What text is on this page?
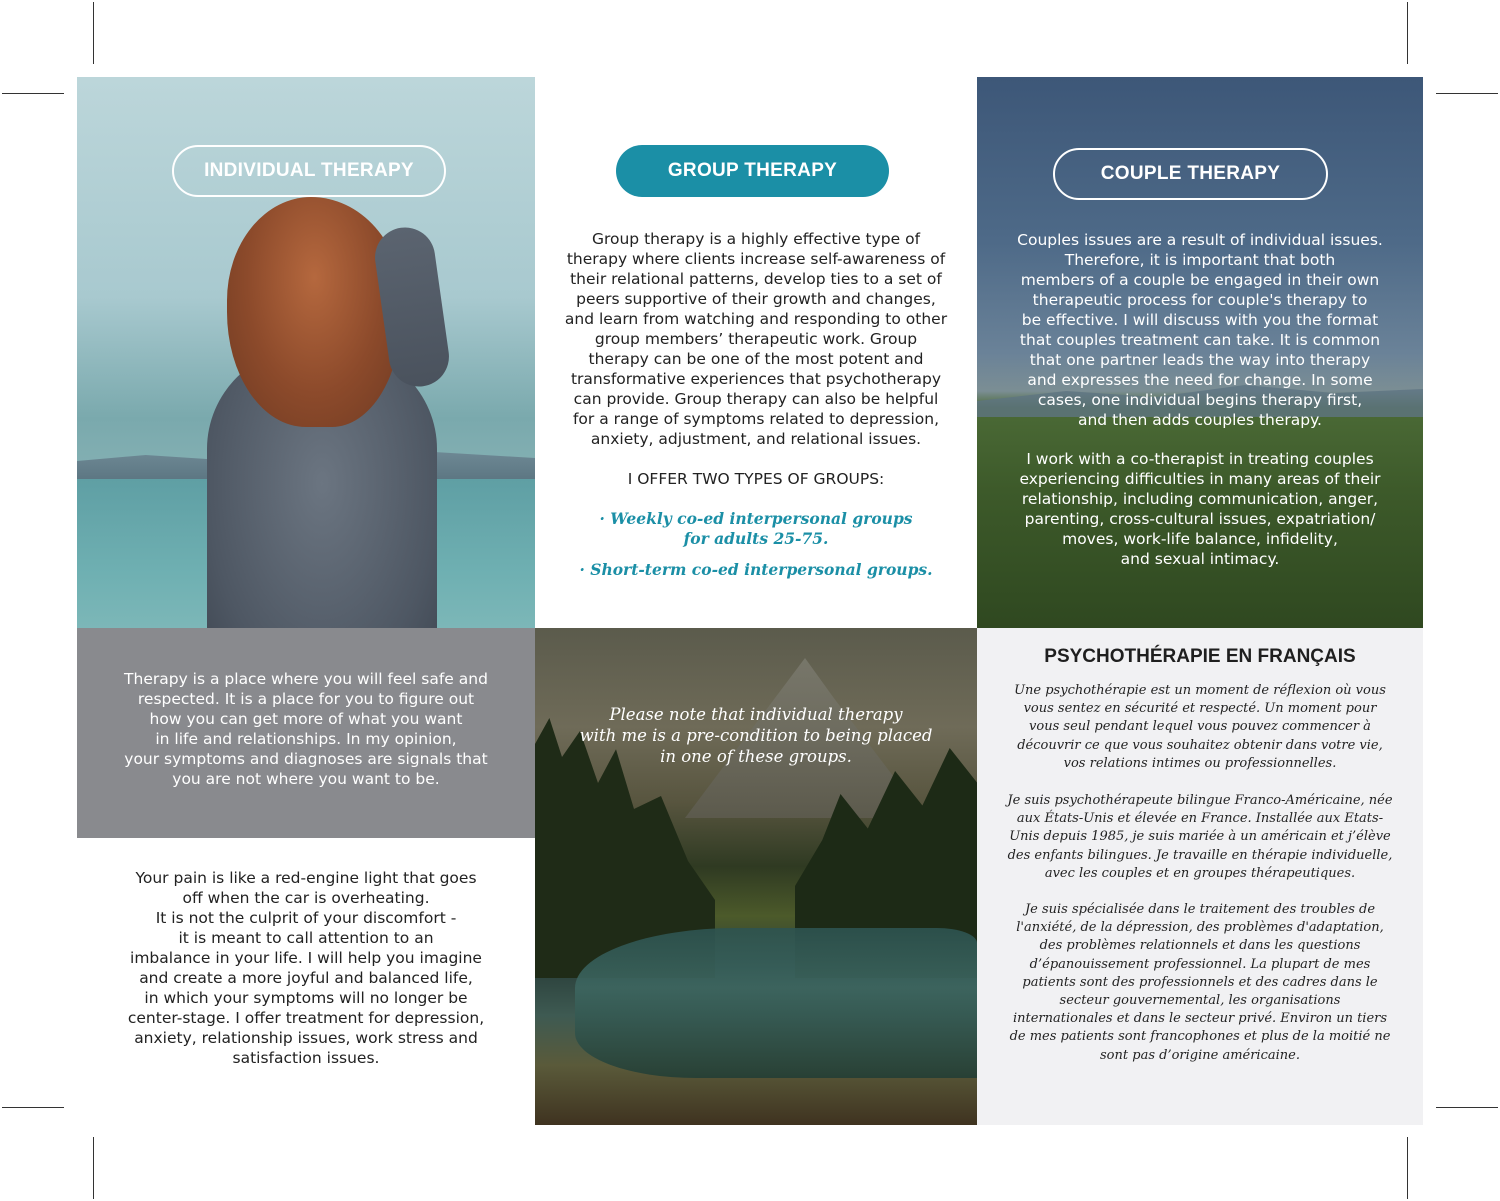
INDIVIDUAL THERAPY	GROUP THERAPY	COUPLE THERAPY
Group therapy is a highly effective type of
therapy where clients increase self-awareness of
their relational patterns, develop ties to a set of
peers supportive of their growth and changes,
and learn from watching and responding to other
group members’ therapeutic work. Group
therapy can be one of the most potent and
transformative experiences that psychotherapy
can provide. Group therapy can also be helpful
for a range of symptoms related to depression,
anxiety, adjustment, and relational issues.
I OFFER TWO TYPES OF GROUPS:
· Weekly co-ed interpersonal groups
for adults 25-75.
· Short-term co-ed interpersonal groups.
Couples issues are a result of individual issues.
Therefore, it is important that both
members of a couple be engaged in their own
therapeutic process for couple's therapy to
be effective. I will discuss with you the format
that couples treatment can take. It is common
that one partner leads the way into therapy
and expresses the need for change. In some
cases, one individual begins therapy first,
and then adds couples therapy.
I work with a co-therapist in treating couples
experiencing difficulties in many areas of their
relationship, including communication, anger,
parenting, cross-cultural issues, expatriation/
moves, work-life balance, infidelity,
and sexual intimacy.
Therapy is a place where you will feel safe and
respected. It is a place for you to figure out
how you can get more of what you want
in life and relationships. In my opinion,
your symptoms and diagnoses are signals that
you are not where you want to be.
Your pain is like a red-engine light that goes
off when the car is overheating.
It is not the culprit of your discomfort -
it is meant to call attention to an
imbalance in your life. I will help you imagine
and create a more joyful and balanced life,
in which your symptoms will no longer be
center-stage. I offer treatment for depression,
anxiety, relationship issues, work stress and
satisfaction issues.
Please note that individual therapy
with me is a pre-condition to being placed
in one of these groups.
PSYCHOTHÉRAPIE EN FRANÇAIS
Une psychothérapie est un moment de réflexion où vous
vous sentez en sécurité et respecté. Un moment pour
vous seul pendant lequel vous pouvez commencer à
découvrir ce que vous souhaitez obtenir dans votre vie,
vos relations intimes ou professionnelles.
Je suis psychothérapeute bilingue Franco-Américaine, née
aux États-Unis et élevée en France. Installée aux Etats-
Unis depuis 1985, je suis mariée à un américain et j’élève
des enfants bilingues. Je travaille en thérapie individuelle,
avec les couples et en groupes thérapeutiques.
Je suis spécialisée dans le traitement des troubles de
l'anxiété, de la dépression, des problèmes d'adaptation,
des problèmes relationnels et dans les questions
d’épanouissement professionnel. La plupart de mes
patients sont des professionnels et des cadres dans le
secteur gouvernemental, les organisations
internationales et dans le secteur privé. Environ un tiers
de mes patients sont francophones et plus de la moitié ne
sont pas d’origine américaine.
